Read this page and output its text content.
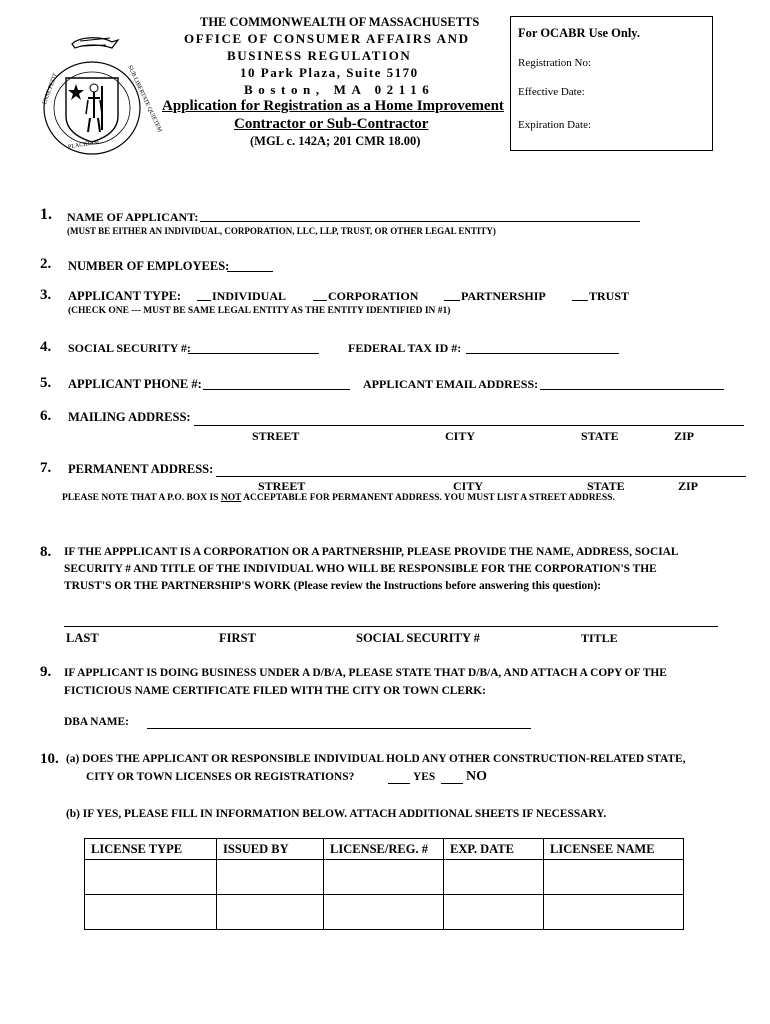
ENSE PETIT
PLACIDAM
SUB LIBERTATE QUIETEM
THE COMMONWEALTH OF MASSACHUSETTS
OFFICE OF CONSUMER AFFAIRS AND
BUSINESS REGULATION
10 Park Plaza, Suite 5170
Boston, MA 02116
Application for Registration as a Home Improvement
Contractor or Sub-Contractor
(MGL c. 142A; 201 CMR 18.00)
For OCABR Use Only.
Registration No:
Effective Date:
Expiration Date:
1. NAME OF APPLICANT:
(MUST BE EITHER AN INDIVIDUAL, CORPORATION, LLC, LLP, TRUST, OR OTHER LEGAL ENTITY)
2. NUMBER OF EMPLOYEES:
3. APPLICANT TYPE:	INDIVIDUAL	CORPORATION	PARTNERSHIP	TRUST
(CHECK ONE --- MUST BE SAME LEGAL ENTITY AS THE ENTITY IDENTIFIED IN #1)
4. SOCIAL SECURITY #:	FEDERAL TAX ID #:
5. APPLICANT PHONE #:	APPLICANT EMAIL ADDRESS:
6. MAILING ADDRESS:
STREET	CITY	STATE	ZIP
7. PERMANENT ADDRESS:
STREET	CITY	STATE	ZIP
PLEASE NOTE THAT A P.O. BOX IS NOT ACCEPTABLE FOR PERMANENT ADDRESS. YOU MUST LIST A STREET ADDRESS.
8. IF THE APPPLICANT IS A CORPORATION OR A PARTNERSHIP, PLEASE PROVIDE THE NAME, ADDRESS, SOCIAL
SECURITY # AND TITLE OF THE INDIVIDUAL WHO WILL BE RESPONSIBLE FOR THE CORPORATION'S THE
TRUST'S OR THE PARTNERSHIP'S WORK (Please review the Instructions before answering this question):
LAST	FIRST	SOCIAL SECURITY #	TITLE
9. IF APPLICANT IS DOING BUSINESS UNDER A D/B/A, PLEASE STATE THAT D/B/A, AND ATTACH A COPY OF THE
FICTICIOUS NAME CERTIFICATE FILED WITH THE CITY OR TOWN CLERK:
DBA NAME:
10. (a) DOES THE APPLICANT OR RESPONSIBLE INDIVIDUAL HOLD ANY OTHER CONSTRUCTION-RELATED STATE,
CITY OR TOWN LICENSES OR REGISTRATIONS?	YES NO
(b) IF YES, PLEASE FILL IN INFORMATION BELOW. ATTACH ADDITIONAL SHEETS IF NECESSARY.
LICENSE TYPE	ISSUED BY	LICENSE/REG. #	EXP. DATE	LICENSEE NAME
